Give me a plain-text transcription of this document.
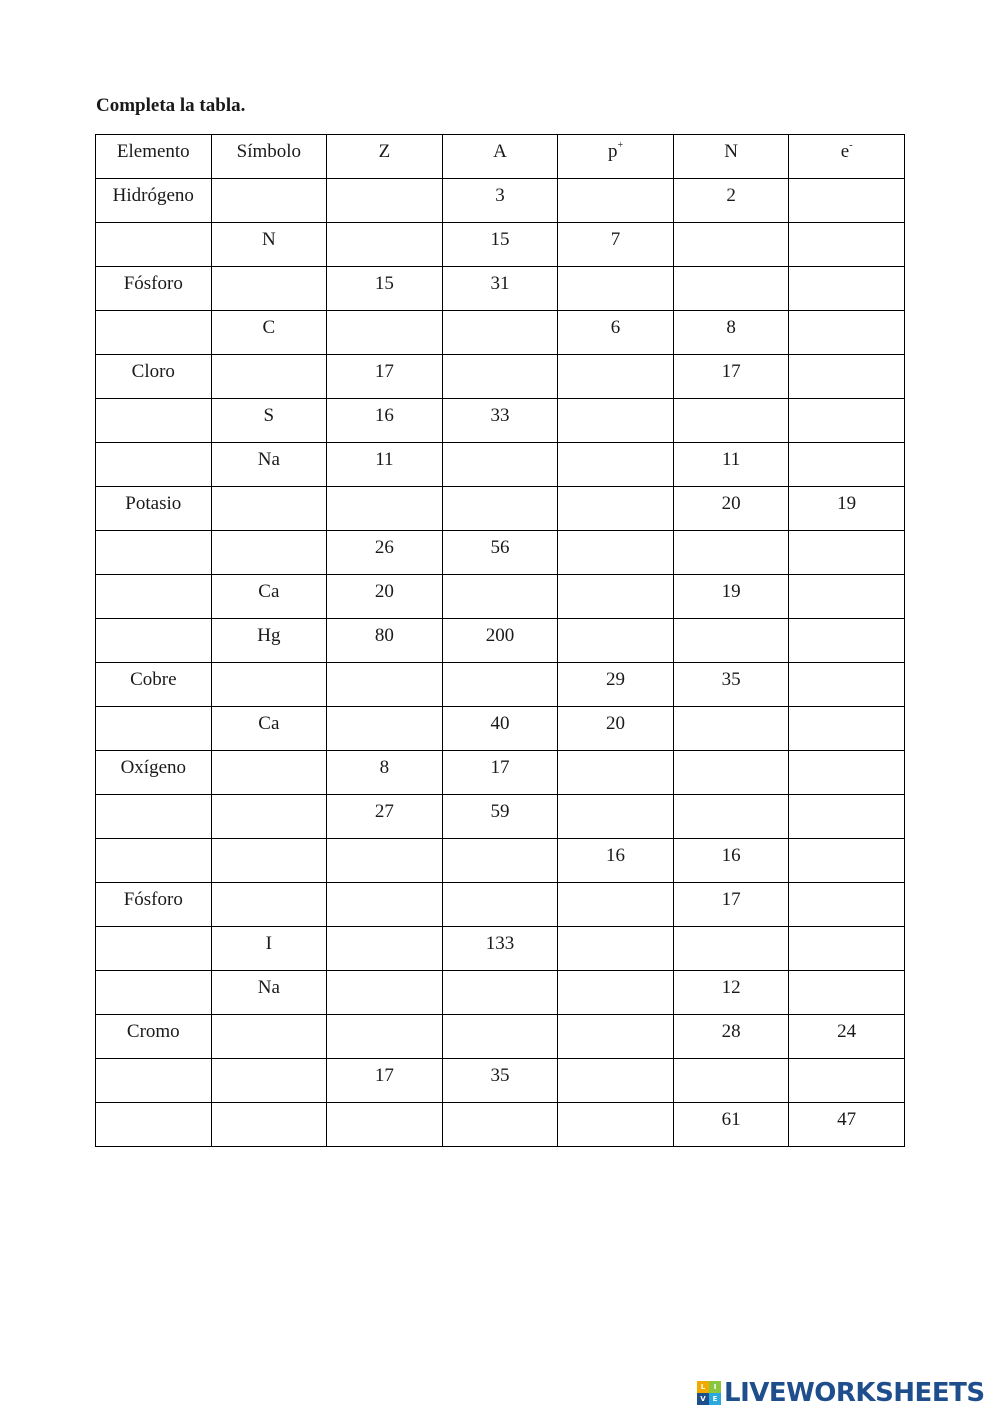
Completa la tabla.
Elemento	Símbolo	Z	A	p+	N	e-
Hidrógeno			3		2	
	N		15	7		
Fósforo		15	31			
	C			6	8	
Cloro		17			17	
	S	16	33			
	Na	11			11	
Potasio					20	19
		26	56			
	Ca	20			19	
	Hg	80	200			
Cobre				29	35	
	Ca		40	20		
Oxígeno		8	17			
		27	59			
				16	16	
Fósforo					17	
	I		133			
	Na				12	
Cromo					28	24
		17	35			
					61	47
L	I
V E LIVEWORKSHEETS
